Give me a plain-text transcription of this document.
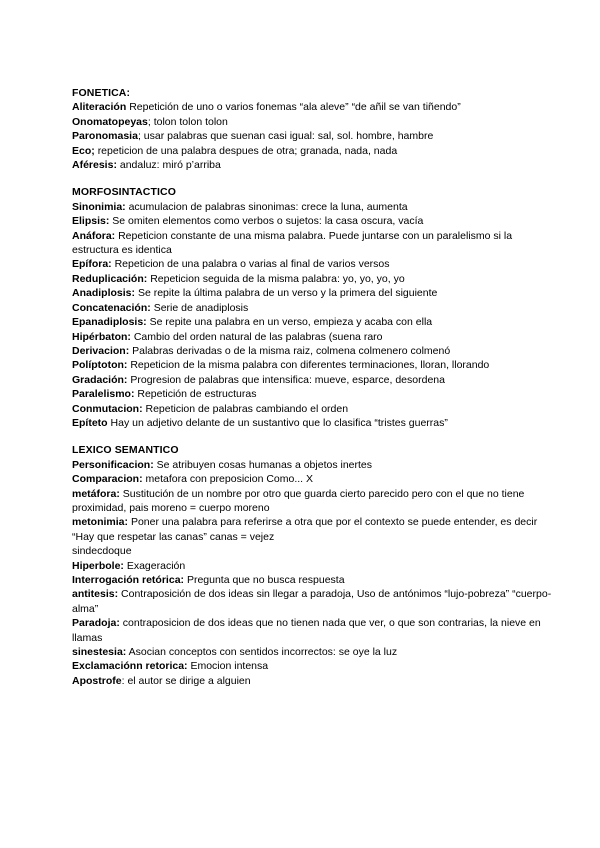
FONETICA:
Aliteración Repetición de uno o varios fonemas “ala aleve” “de añil se van tiñendo”
Onomatopeyas; tolon tolon tolon
Paronomasia; usar palabras que suenan casi igual: sal, sol. hombre, hambre
Eco; repeticion de una palabra despues de otra; granada, nada, nada
Aféresis: andaluz: miró p’arriba
MORFOSINTACTICO
Sinonimia: acumulacion de palabras sinonimas: crece la luna, aumenta
Elipsis: Se omiten elementos como verbos o sujetos: la casa oscura, vacía
Anáfora: Repeticion constante de una misma palabra. Puede juntarse con un paralelismo si la estructura es identica
Epífora: Repeticion de una palabra o varias al final de varios versos
Reduplicación: Repeticion seguida de la misma palabra: yo, yo, yo, yo
Anadiplosis: Se repite la última palabra de un verso y la primera del siguiente
Concatenación: Serie de anadiplosis
Epanadiplosis: Se repite una palabra en un verso, empieza y acaba con ella
Hipérbaton: Cambio del orden natural de las palabras (suena raro
Derivacion: Palabras derivadas o de la misma raiz, colmena colmenero colmenó
Políptoton: Repeticion de la misma palabra con diferentes terminaciones, lloran, llorando
Gradación: Progresion de palabras que intensifica: mueve, esparce, desordena
Paralelismo: Repetición de estructuras
Conmutacion: Repeticion de palabras cambiando el orden
Epíteto Hay un adjetivo delante de un sustantivo que lo clasifica “tristes guerras”
LEXICO SEMANTICO
Personificacion: Se atribuyen cosas humanas a objetos inertes
Comparacion: metafora con preposicion Como... X
metáfora: Sustitución de un nombre por otro que guarda cierto parecido pero con el que no tiene proximidad, pais moreno = cuerpo moreno
metonimia: Poner una palabra para referirse a otra que por el contexto se puede entender, es decir “Hay que respetar las canas” canas = vejez
sindecdoque
Hiperbole: Exageración
Interrogación retórica: Pregunta que no busca respuesta
antitesis: Contraposición de dos ideas sin llegar a paradoja, Uso de antónimos “lujo-pobreza” “cuerpo-alma”
Paradoja: contraposicion de dos ideas que no tienen nada que ver, o que son contrarias, la nieve en llamas
sinestesia: Asocian conceptos con sentidos incorrectos: se oye la luz
Exclamaciónn retorica: Emocion intensa
Apostrofe: el autor se dirige a alguien
